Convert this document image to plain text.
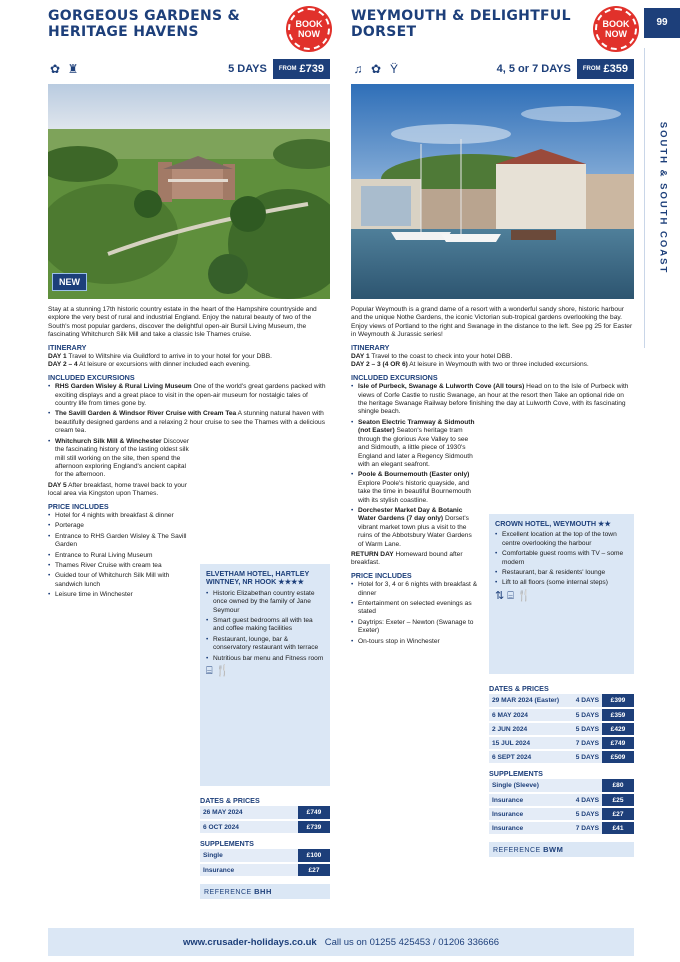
99
SOUTH & SOUTH COAST
GORGEOUS GARDENS & HERITAGE HAVENS	BOOK
NOW
✿ ♜	5 DAYS FROM £739
NEW

Stay at a stunning 17th historic country estate in the heart of the Hampshire countryside and explore the very best of rural and industrial England. Enjoy the natural beauty of two of the South's most popular gardens, discover the delightful open-air Bursil Living Museum, the fascinating Whitchurch Silk Mill and take a classic Isle Thames cruise.

ITINERARY

DAY 1 Travel to Wiltshire via Guildford to arrive in to your hotel for your DBB.
DAY 2 – 4 At leisure or excursions with dinner included each evening.

INCLUDED EXCURSIONS
• RHS Garden Wisley & Rural Living Museum One of the world's great gardens packed with exciting displays and a great place to visit in the open-air museum for nostalgic tales of country life from times gone by.
• The Savill Garden & Windsor River Cruise with Cream Tea A stunning natural haven with beautifully designed gardens and a relaxing 2 hour cruise to see the Thames with a delicious cream tea.
• Whitchurch Silk Mill & Winchester Discover the fascinating history of the lasting oldest silk mill still working on the site, then spend the afternoon exploring England's ancient capital for the afternoon.

DAY 5 After breakfast, home travel back to your local area via Kingston upon Thames.

PRICE INCLUDES
• Hotel for 4 nights with breakfast & dinner
• Porterage
• Entrance to RHS Garden Wisley & The Savill Garden
• Entrance to Rural Living Museum
• Thames River Cruise with cream tea
• Guided tour of Whitchurch Silk Mill with sandwich lunch
• Leisure time in Winchester
ELVETHAM HOTEL, HARTLEY WINTNEY, NR HOOK ★★★★
• Historic Elizabethan country estate once owned by the family of Jane Seymour
• Smart guest bedrooms all with tea and coffee making facilities
• Restaurant, lounge, bar & conservatory restaurant with terrace
• Nutritious bar menu and Fitness room
⌸ 🍴
DATES & PRICES
26 MAY 2024	£749
6 OCT 2024	£739
SUPPLEMENTS
Single	£100
Insurance	£27
REFERENCE BHH
WEYMOUTH & DELIGHTFUL DORSET	BOOK
NOW
♫ ✿ Ÿ	4, 5 or 7 DAYS FROM £359

Popular Weymouth is a grand dame of a resort with a wonderful sandy shore, historic harbour and the unique Nothe Gardens, the iconic Victorian sub-tropical gardens overlooking the bay. Enjoy views of Portland to the right and Swanage in the distance to the left. See pg 25 for Easter in Weymouth & Jurassic series!

ITINERARY

DAY 1 Travel to the coast to check into your hotel DBB.
DAY 2 – 3 (4 OR 6) At leisure in Weymouth with two or three included excursions.

INCLUDED EXCURSIONS
• Isle of Purbeck, Swanage & Lulworth Cove (All tours) Head on to the Isle of Purbeck with views of Corfe Castle to rustic Swanage, an hour at the resort then Take an optional ride on the heritage Swanage Railway before finishing the day at Lulworth Cove, with its fascinating shingle beach.
• Seaton Electric Tramway & Sidmouth (not Easter) Seaton's heritage tram through the glorious Axe Valley to see and Sidmouth, a little piece of 1930's England and later a Regency Sidmouth with an elegant seafront.
• Poole & Bournemouth (Easter only) Explore Poole's historic quayside, and take the time in beautiful Bournemouth with its stylish coastline.
• Dorchester Market Day & Botanic Water Gardens (7 day only) Dorset's vibrant market town plus a visit to the ruins of the Abbotsbury Water Gardens of Warm Lane.

RETURN DAY Homeward bound after breakfast.

PRICE INCLUDES
• Hotel for 3, 4 or 6 nights with breakfast & dinner
• Entertainment on selected evenings as stated
• Daytrips: Exeter – Newton (Swanage to Exeter)
• On-tours stop in Winchester
CROWN HOTEL, WEYMOUTH ★★
• Excellent location at the top of the town centre overlooking the harbour
• Comfortable guest rooms with TV – some modern
• Restaurant, bar & residents' lounge
• Lift to all floors (some internal steps)
⇅ ⌸ 🍴
DATES & PRICES
29 MAR 2024 (Easter)	4 DAYS	£399
6 MAY 2024	5 DAYS	£359
2 JUN 2024	5 DAYS	£429
15 JUL 2024	7 DAYS	£749
6 SEPT 2024	5 DAYS	£509
SUPPLEMENTS
Single (Sleeve)		£80
Insurance	4 DAYS	£25
Insurance	5 DAYS	£27
Insurance	7 DAYS	£41
REFERENCE BWM
www.crusader-holidays.co.uk Call us on 01255 425453 / 01206 336666
